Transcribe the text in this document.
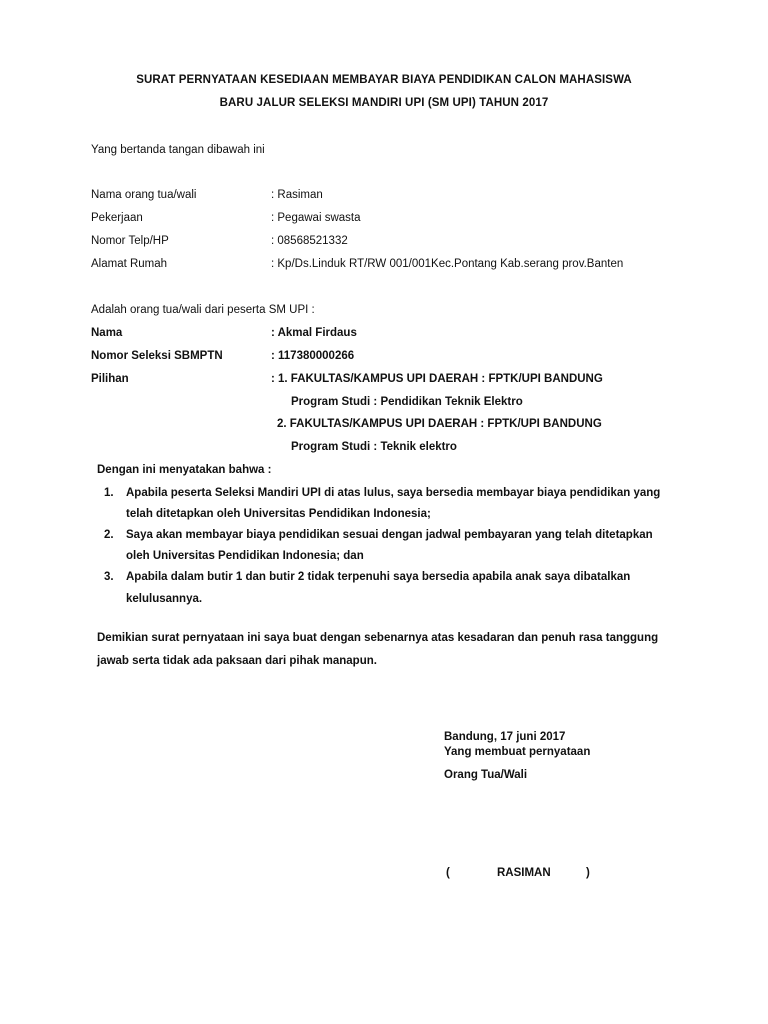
SURAT PERNYATAAN KESEDIAAN MEMBAYAR BIAYA PENDIDIKAN CALON MAHASISWA
BARU JALUR SELEKSI MANDIRI UPI (SM UPI) TAHUN 2017
Yang bertanda tangan dibawah ini
Nama orang tua/wali	: Rasiman
Pekerjaan	: Pegawai swasta
Nomor Telp/HP	: 08568521332
Alamat Rumah	: Kp/Ds.Linduk RT/RW 001/001Kec.Pontang Kab.serang prov.Banten
Adalah orang tua/wali dari peserta SM UPI :
Nama	: Akmal Firdaus
Nomor Seleksi SBMPTN	: 117380000266
Pilihan	: 1. FAKULTAS/KAMPUS UPI DAERAH : FPTK/UPI BANDUNG
Program Studi : Pendidikan Teknik Elektro
2. FAKULTAS/KAMPUS UPI DAERAH : FPTK/UPI BANDUNG
Program Studi : Teknik elektro
Dengan ini menyatakan bahwa :
1. Apabila peserta Seleksi Mandiri UPI di atas lulus, saya bersedia membayar biaya pendidikan yang
telah ditetapkan oleh Universitas Pendidikan Indonesia;
2. Saya akan membayar biaya pendidikan sesuai dengan jadwal pembayaran yang telah ditetapkan
oleh Universitas Pendidikan Indonesia; dan
3. Apabila dalam butir 1 dan butir 2 tidak terpenuhi saya bersedia apabila anak saya dibatalkan
kelulusannya.
Demikian surat pernyataan ini saya buat dengan sebenarnya atas kesadaran dan penuh rasa tanggung
jawab serta tidak ada paksaan dari pihak manapun.
Bandung, 17 juni 2017
Yang membuat pernyataan
Orang Tua/Wali
(	RASIMAN	)
